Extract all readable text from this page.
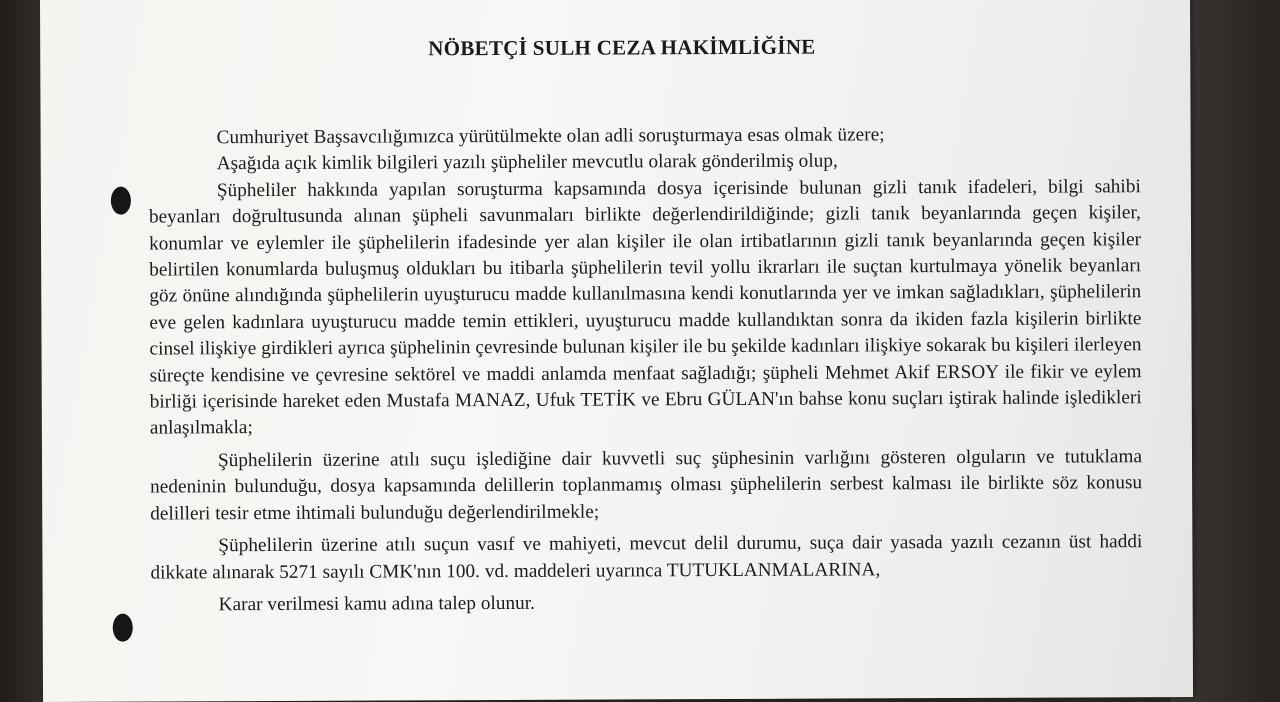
NÖBETÇİ SULH CEZA HAKİMLİĞİNE

Cumhuriyet Başsavcılığımızca yürütülmekte olan adli soruşturmaya esas olmak üzere;

Aşağıda açık kimlik bilgileri yazılı şüpheliler mevcutlu olarak gönderilmiş olup,

Şüpheliler hakkında yapılan soruşturma kapsamında dosya içerisinde bulunan gizli tanık ifadeleri, bilgi sahibi beyanları doğrultusunda alınan şüpheli savunmaları birlikte değerlendirildiğinde; gizli tanık beyanlarında geçen kişiler, konumlar ve eylemler ile şüphelilerin ifadesinde yer alan kişiler ile olan irtibatlarının gizli tanık beyanlarında geçen kişiler belirtilen konumlarda buluşmuş oldukları bu itibarla şüphelilerin tevil yollu ikrarları ile suçtan kurtulmaya yönelik beyanları göz önüne alındığında şüphelilerin uyuşturucu madde kullanılmasına kendi konutlarında yer ve imkan sağladıkları, şüphelilerin eve gelen kadınlara uyuşturucu madde temin ettikleri, uyuşturucu madde kullandıktan sonra da ikiden fazla kişilerin birlikte cinsel ilişkiye girdikleri ayrıca şüphelinin çevresinde bulunan kişiler ile bu şekilde kadınları ilişkiye sokarak bu kişileri ilerleyen süreçte kendisine ve çevresine sektörel ve maddi anlamda menfaat sağladığı; şüpheli Mehmet Akif ERSOY ile fikir ve eylem birliği içerisinde hareket eden Mustafa MANAZ, Ufuk TETİK ve Ebru GÜLAN'ın bahse konu suçları iştirak halinde işledikleri anlaşılmakla;

Şüphelilerin üzerine atılı suçu işlediğine dair kuvvetli suç şüphesinin varlığını gösteren olguların ve tutuklama nedeninin bulunduğu, dosya kapsamında delillerin toplanmamış olması şüphelilerin serbest kalması ile birlikte söz konusu delilleri tesir etme ihtimali bulunduğu değerlendirilmekle;

Şüphelilerin üzerine atılı suçun vasıf ve mahiyeti, mevcut delil durumu, suça dair yasada yazılı cezanın üst haddi dikkate alınarak 5271 sayılı CMK'nın 100. vd. maddeleri uyarınca TUTUKLANMALARINA,

Karar verilmesi kamu adına talep olunur.
